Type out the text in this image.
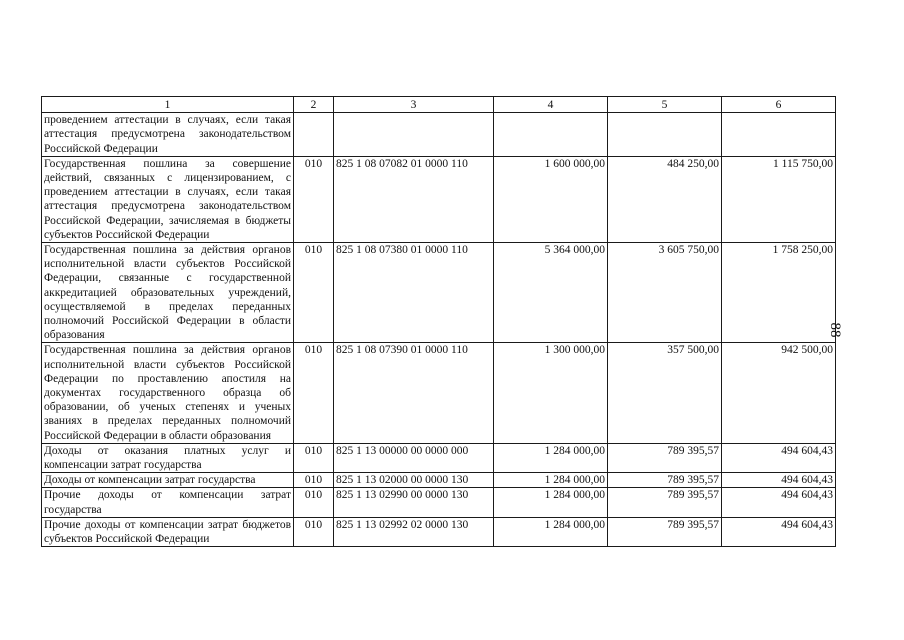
1	2	3	4	5	6
проведением аттестации в случаях, если такая аттестация предусмотрена законодательством Российской Федерации					
Государственная пошлина за совершение действий, связанных с лицензированием, с проведением аттестации в случаях, если такая аттестация предусмотрена законодательством Российской Федерации, зачисляемая в бюджеты субъектов Российской Федерации	010	825 1 08 07082 01 0000 110	1 600 000,00	484 250,00	1 115 750,00
Государственная пошлина за действия органов исполнительной власти субъектов Российской Федерации, связанные с государственной аккредитацией образовательных учреждений, осуществляемой в пределах переданных полномочий Российской Федерации в области образования	010	825 1 08 07380 01 0000 110	5 364 000,00	3 605 750,00	1 758 250,00
Государственная пошлина за действия органов исполнительной власти субъектов Российской Федерации по проставлению апостиля на документах государственного образца об образовании, об ученых степенях и ученых званиях в пределах переданных полномочий Российской Федерации в области образования	010	825 1 08 07390 01 0000 110	1 300 000,00	357 500,00	942 500,00
Доходы от оказания платных услуг и компенсации затрат государства	010	825 1 13 00000 00 0000 000	1 284 000,00	789 395,57	494 604,43
Доходы от компенсации затрат государства	010	825 1 13 02000 00 0000 130	1 284 000,00	789 395,57	494 604,43
Прочие доходы от компенсации затрат государства	010	825 1 13 02990 00 0000 130	1 284 000,00	789 395,57	494 604,43
Прочие доходы от компенсации затрат бюджетов субъектов Российской Федерации	010	825 1 13 02992 02 0000 130	1 284 000,00	789 395,57	494 604,43
88
